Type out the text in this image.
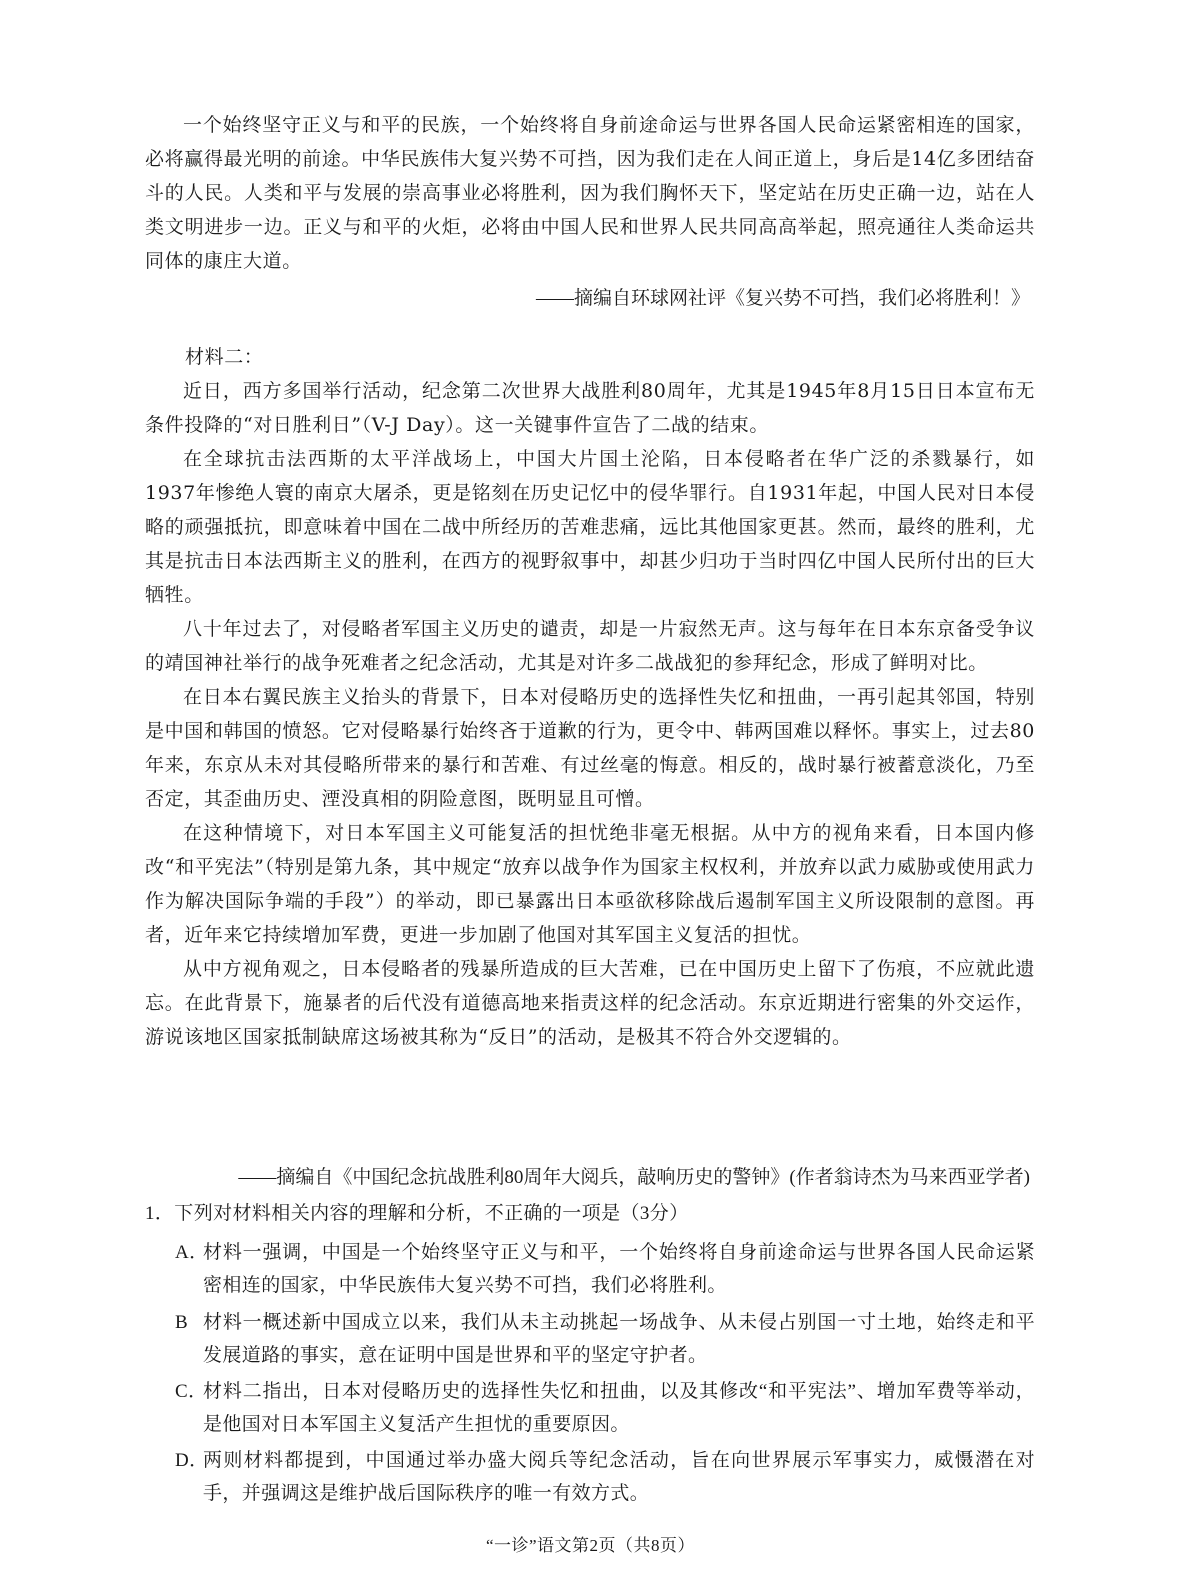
一个始终坚守正义与和平的民族，一个始终将自身前途命运与世界各国人民命运紧密相连的国家，必将赢得最光明的前途。中华民族伟大复兴势不可挡，因为我们走在人间正道上，身后是14亿多团结奋斗的人民。人类和平与发展的崇高事业必将胜利，因为我们胸怀天下，坚定站在历史正确一边，站在人类文明进步一边。正义与和平的火炬，必将由中国人民和世界人民共同高高举起，照亮通往人类命运共同体的康庄大道。

——摘编自环球网社评《复兴势不可挡，我们必将胜利！》

材料二：

近日，西方多国举行活动，纪念第二次世界大战胜利80周年，尤其是1945年8月15日日本宣布无条件投降的“对日胜利日”（V-J Day）。这一关键事件宣告了二战的结束。

在全球抗击法西斯的太平洋战场上，中国大片国土沦陷，日本侵略者在华广泛的杀戮暴行，如1937年惨绝人寰的南京大屠杀，更是铭刻在历史记忆中的侵华罪行。自1931年起，中国人民对日本侵略的顽强抵抗，即意味着中国在二战中所经历的苦难悲痛，远比其他国家更甚。然而，最终的胜利，尤其是抗击日本法西斯主义的胜利，在西方的视野叙事中，却甚少归功于当时四亿中国人民所付出的巨大牺牲。

八十年过去了，对侵略者军国主义历史的谴责，却是一片寂然无声。这与每年在日本东京备受争议的靖国神社举行的战争死难者之纪念活动，尤其是对许多二战战犯的参拜纪念，形成了鲜明对比。

在日本右翼民族主义抬头的背景下，日本对侵略历史的选择性失忆和扭曲，一再引起其邻国，特别是中国和韩国的愤怒。它对侵略暴行始终吝于道歉的行为，更令中、韩两国难以释怀。事实上，过去80年来，东京从未对其侵略所带来的暴行和苦难、有过丝毫的悔意。相反的，战时暴行被蓄意淡化，乃至否定，其歪曲历史、湮没真相的阴险意图，既明显且可憎。

在这种情境下，对日本军国主义可能复活的担忧绝非毫无根据。从中方的视角来看，日本国内修改“和平宪法”（特别是第九条，其中规定“放弃以战争作为国家主权权利，并放弃以武力威胁或使用武力作为解决国际争端的手段”）的举动，即已暴露出日本亟欲移除战后遏制军国主义所设限制的意图。再者，近年来它持续增加军费，更进一步加剧了他国对其军国主义复活的担忧。

从中方视角观之，日本侵略者的残暴所造成的巨大苦难，已在中国历史上留下了伤痕，不应就此遗忘。在此背景下，施暴者的后代没有道德高地来指责这样的纪念活动。东京近期进行密集的外交运作，游说该地区国家抵制缺席这场被其称为“反日”的活动，是极其不符合外交逻辑的。

——摘编自《中国纪念抗战胜利80周年大阅兵，敲响历史的警钟》(作者翁诗杰为马来西亚学者)

1．下列对材料相关内容的理解和分析，不正确的一项是（3分）

A．
材料一强调，中国是一个始终坚守正义与和平，一个始终将自身前途命运与世界各国人民命运紧密相连的国家，中华民族伟大复兴势不可挡，我们必将胜利。
B 材料一概述新中国成立以来，我们从未主动挑起一场战争、从未侵占别国一寸土地，始终走和平发展道路的事实，意在证明中国是世界和平的坚定守护者。
C．
材料二指出，日本对侵略历史的选择性失忆和扭曲，以及其修改“和平宪法”、增加军费等举动，是他国对日本军国主义复活产生担忧的重要原因。
D．
两则材料都提到，中国通过举办盛大阅兵等纪念活动，旨在向世界展示军事实力，威慑潜在对手，并强调这是维护战后国际秩序的唯一有效方式。
“一诊”语文第2页（共8页）
